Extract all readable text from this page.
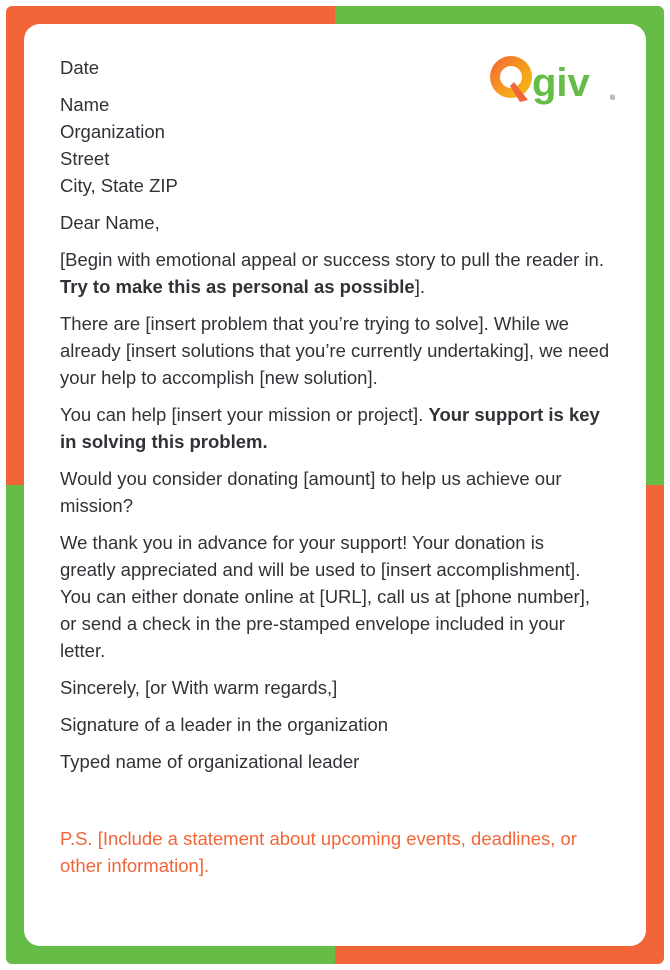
Date

Name
Organization
Street
City, State ZIP

Dear Name,

[Begin with emotional appeal or success story to pull the reader in. Try to make this as personal as possible].

There are [insert problem that you’re trying to solve]. While we already [insert solutions that you’re currently undertaking], we need your help to accomplish [new solution].

You can help [insert your mission or project]. Your support is key in solving this problem.

Would you consider donating [amount] to help us achieve our mission?

We thank you in advance for your support! Your donation is greatly appreciated and will be used to [insert accomplishment]. You can either donate online at [URL], call us at [phone number], or send a check in the pre-stamped envelope included in your letter.

Sincerely, [or With warm regards,]

Signature of a leader in the organization

Typed name of organizational leader

P.S. [Include a statement about upcoming events, deadlines, or other information].

giv	®
